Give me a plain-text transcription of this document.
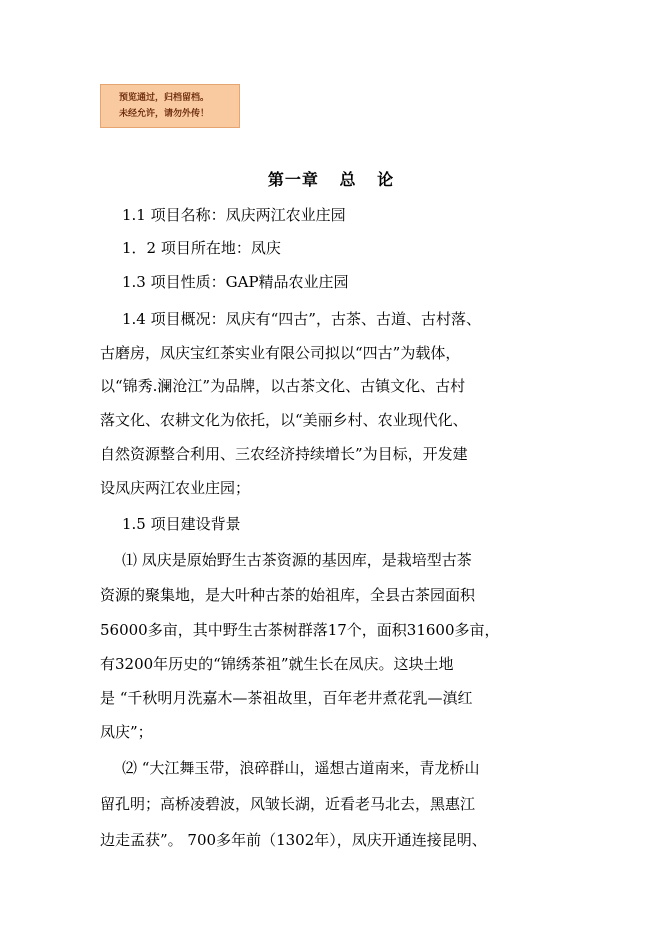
预览通过，归档留档。
未经允许，请勿外传！
第一章 总 论
1.1 项目名称：凤庆两江农业庄园
1．2 项目所在地：凤庆
1.3 项目性质：GAP精品农业庄园
1.4 项目概况：凤庆有“四古”，古茶、古道、古村落、
古磨房，凤庆宝红茶实业有限公司拟以“四古”为载体，
以“锦秀.澜沧江”为品牌，以古茶文化、古镇文化、古村
落文化、农耕文化为依托，以“美丽乡村、农业现代化、
自然资源整合利用、三农经济持续增长”为目标，开发建
设凤庆两江农业庄园；
1.5 项目建设背景
⑴ 凤庆是原始野生古茶资源的基因库，是栽培型古茶
资源的聚集地，是大叶种古茶的始祖库，全县古茶园面积
56000多亩，其中野生古茶树群落17个，面积31600多亩，
有3200年历史的“锦绣茶祖”就生长在凤庆。这块土地
是 “千秋明月洗嘉木—茶祖故里，百年老井煮花乳—滇红
凤庆”；
⑵ “大江舞玉带，浪碎群山，遥想古道南来，青龙桥山
留孔明；高桥凌碧波，风皱长湖，近看老马北去，黑惠江
边走孟获”。 700多年前（1302年），凤庆开通连接昆明、
